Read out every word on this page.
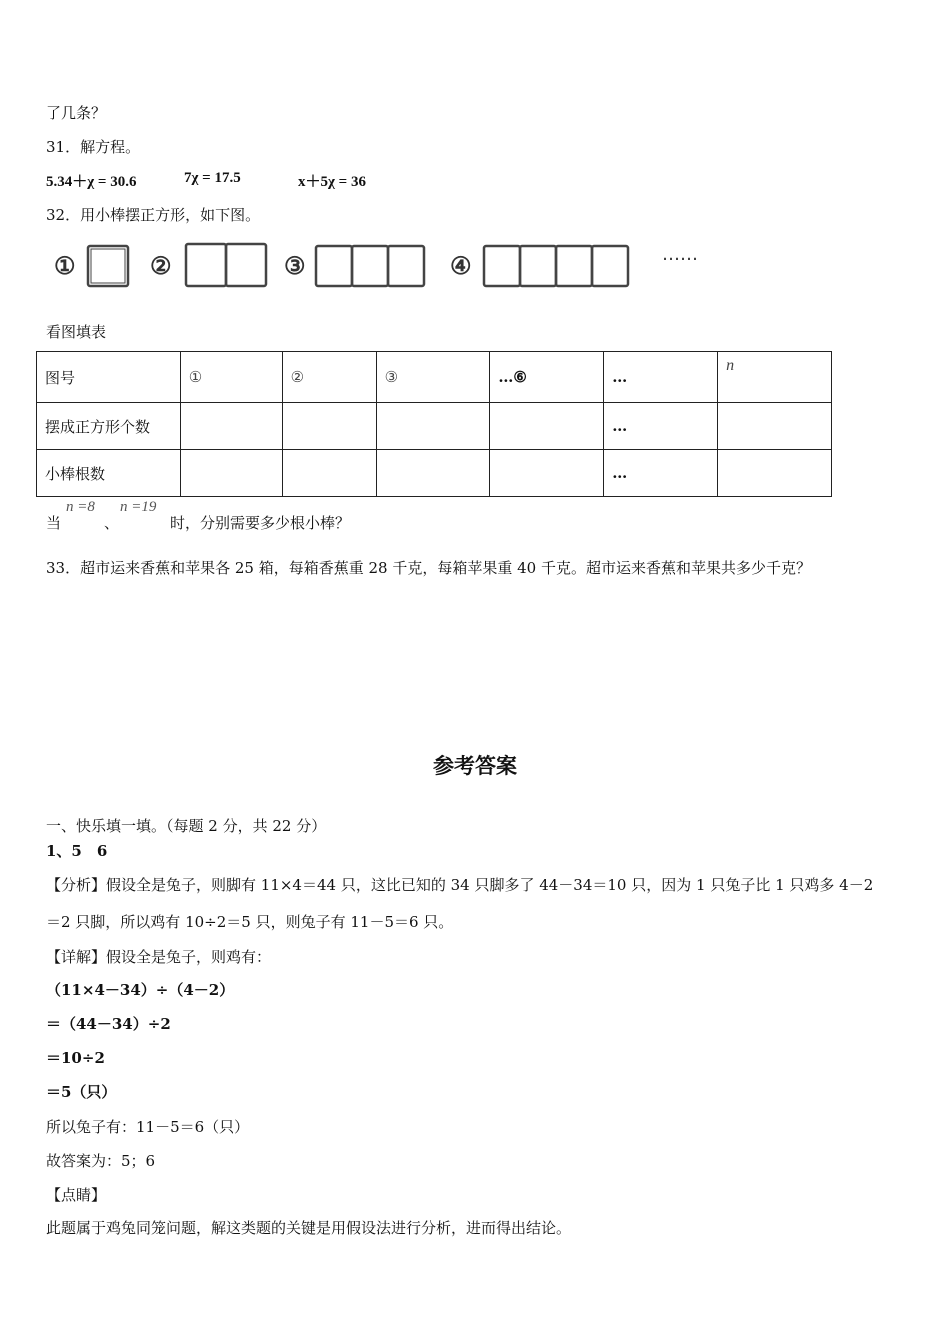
了几条？
31．解方程。
5.34＋χ = 30.6	7χ = 17.5	x＋5χ = 36
32．用小棒摆正方形，如下图。
①	②	③	④	……
看图填表
图号	①	②	③	…⑥	…	n
摆成正方形个数					…	
小棒根数					…	
当
n =8
、
n =19
时，分别需要多少根小棒？
33．超市运来香蕉和苹果各 25 箱，每箱香蕉重 28 千克，每箱苹果重 40 千克。超市运来香蕉和苹果共多少千克？
参考答案
一、快乐填一填。（每题 2 分，共 22 分）
1、5　6
【分析】假设全是兔子，则脚有 11×4＝44 只，这比已知的 34 只脚多了 44－34＝10 只，因为 1 只兔子比 1 只鸡多 4－2
＝2 只脚，所以鸡有 10÷2＝5 只，则兔子有 11－5＝6 只。
【详解】假设全是兔子，则鸡有：
（11×4－34）÷（4－2）
＝（44－34）÷2
＝10÷2
＝5（只）
所以兔子有：11－5＝6（只）
故答案为：5；6
【点睛】
此题属于鸡兔同笼问题，解这类题的关键是用假设法进行分析，进而得出结论。
